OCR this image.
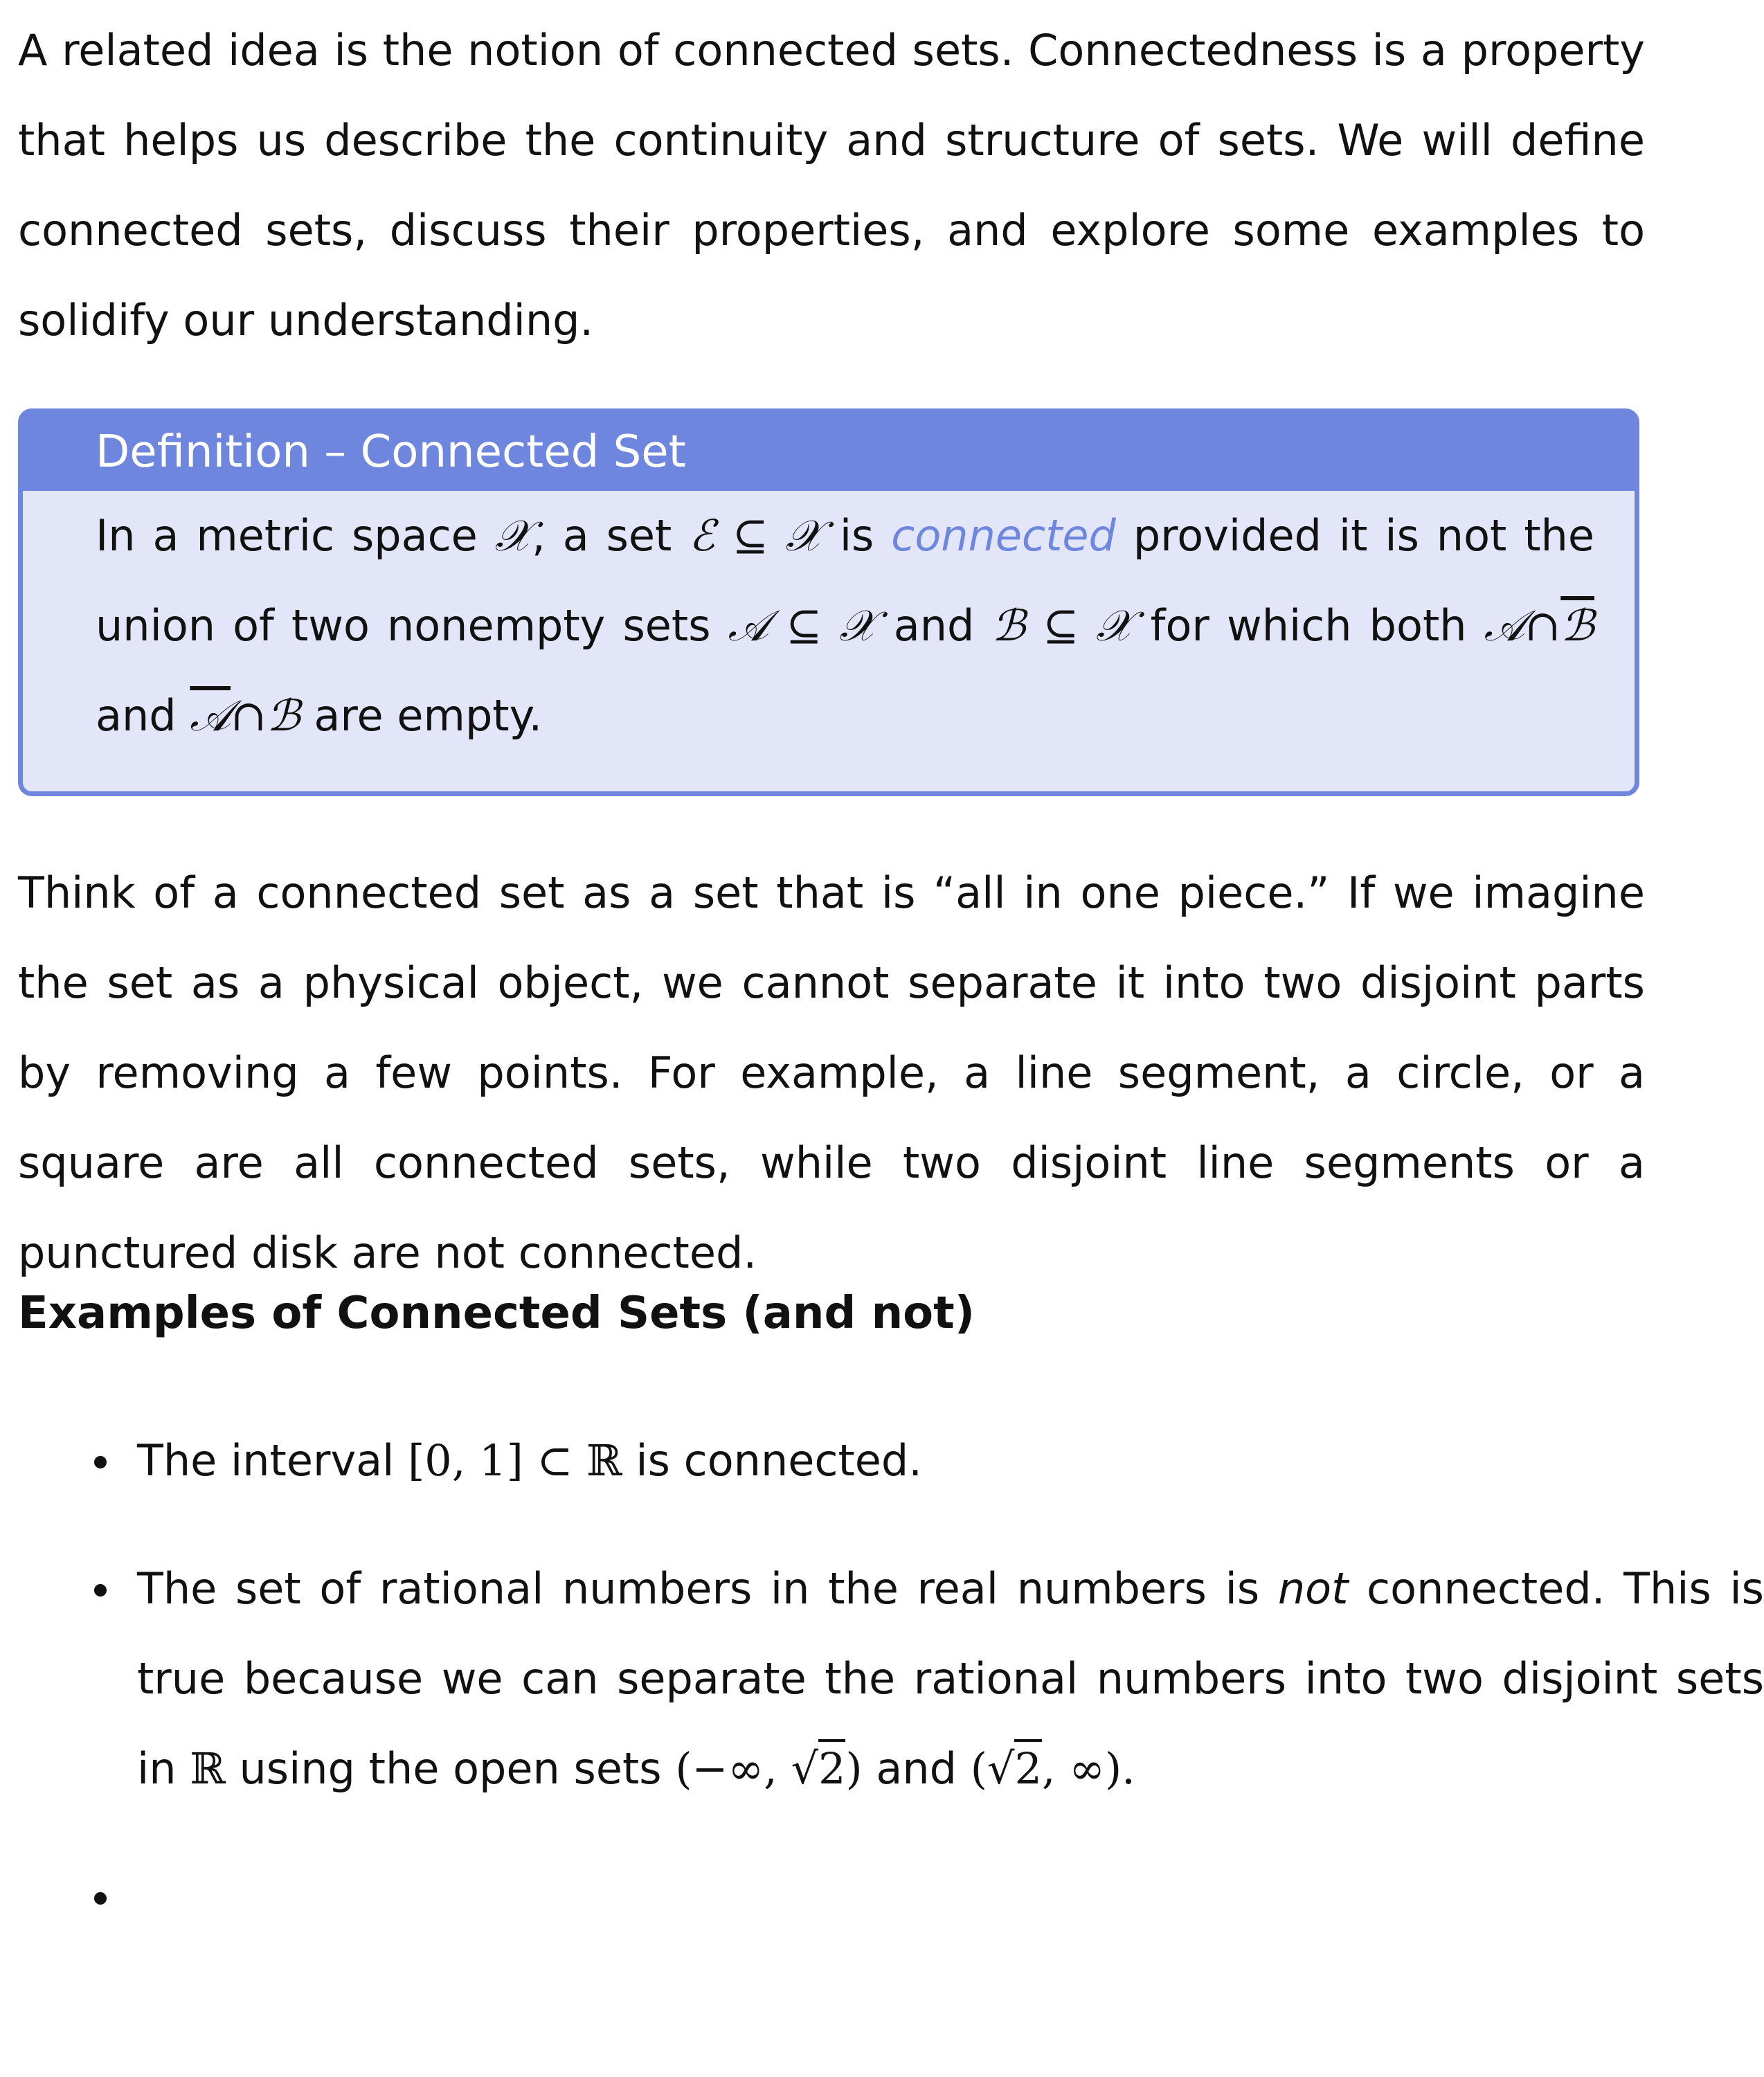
A related idea is the notion of connected sets. Connectedness is a property that helps us describe the continuity and structure of sets. We will define connected sets, discuss their properties, and explore some examples to solidify our understanding.

Definition – Connected Set
In a metric space 𝒳, a set ℰ ⊆ 𝒳 is connected provided it is not the union of two nonempty sets 𝒜 ⊆ 𝒳 and ℬ ⊆ 𝒳 for which both 𝒜∩ℬ and 𝒜∩ℬ are empty.

Think of a connected set as a set that is “all in one piece.” If we imagine the set as a physical object, we cannot separate it into two disjoint parts by removing a few points. For example, a line segment, a circle, or a square are all connected sets, while two disjoint line segments or a punctured disk are not connected.

Examples of Connected Sets (and not)
The interval [0, 1] ⊂ ℝ is connected.
The set of rational numbers in the real numbers is not connected. This is true because we can separate the rational numbers into two disjoint sets in ℝ using the open sets (−∞, √2) and (√2, ∞).
